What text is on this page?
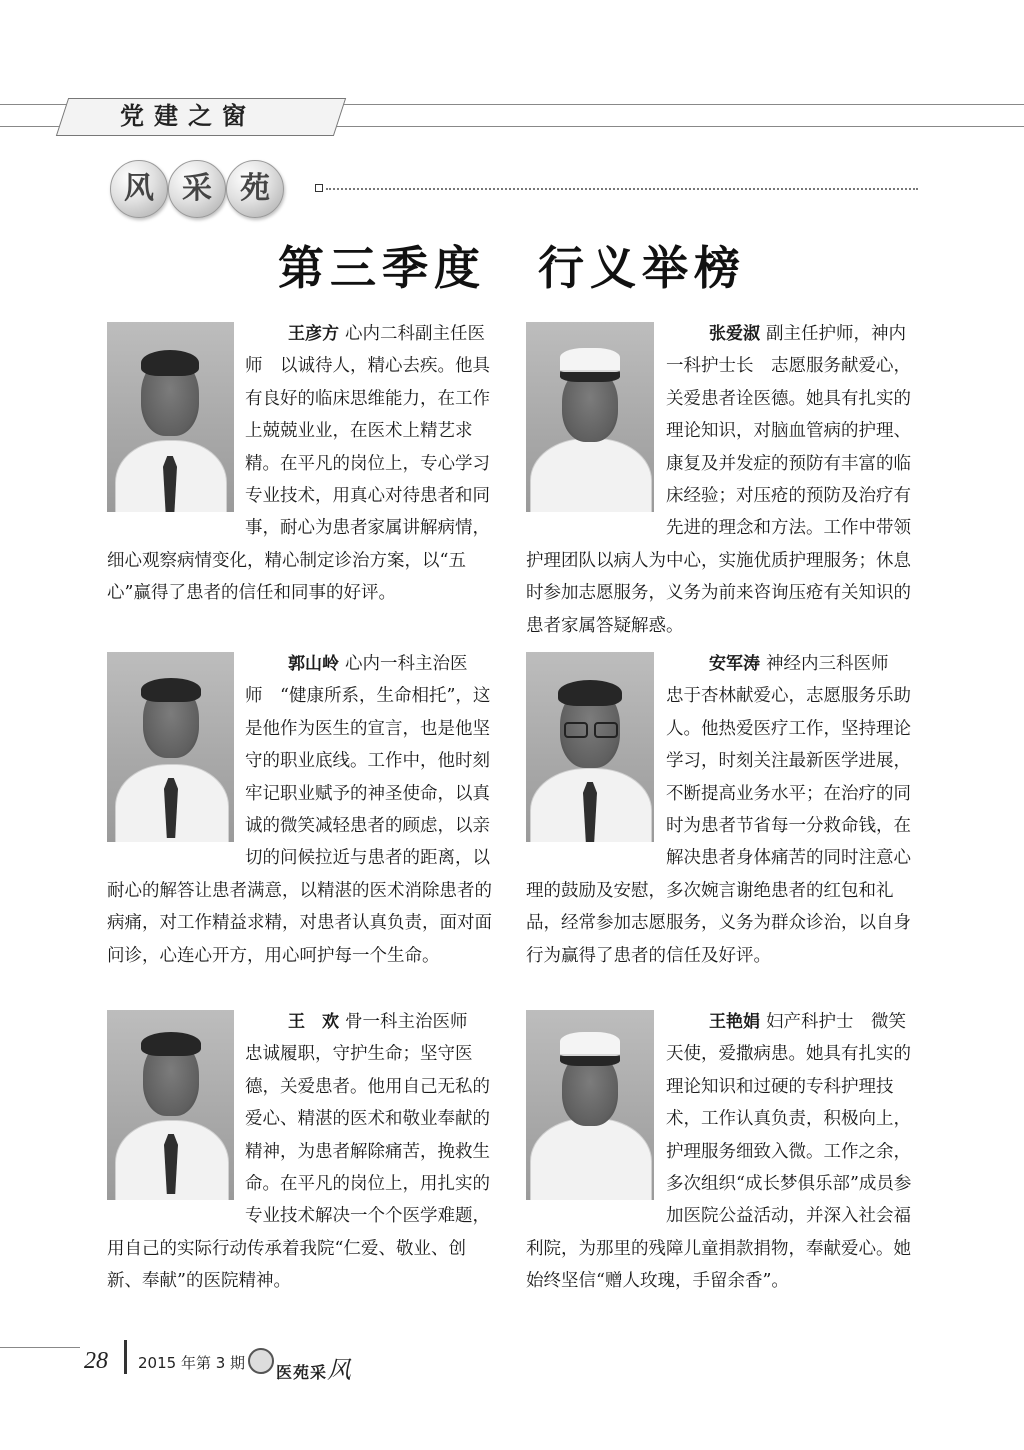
党建之窗
风 采 苑
第三季度　行义举榜

王彦方 心内二科副主任医师　以诚待人，精心去疾。他具有良好的临床思维能力，在工作上兢兢业业，在医术上精艺求精。在平凡的岗位上，专心学习专业技术，用真心对待患者和同事，耐心为患者家属讲解病情，细心观察病情变化，精心制定诊治方案，以“五心”赢得了患者的信任和同事的好评。

张爱淑 副主任护师，神内一科护士长　志愿服务献爱心，关爱患者诠医德。她具有扎实的理论知识，对脑血管病的护理、康复及并发症的预防有丰富的临床经验；对压疮的预防及治疗有先进的理念和方法。工作中带领护理团队以病人为中心，实施优质护理服务；休息时参加志愿服务，义务为前来咨询压疮有关知识的患者家属答疑解惑。

郭山岭 心内一科主治医师　“健康所系，生命相托”，这是他作为医生的宣言，也是他坚守的职业底线。工作中，他时刻牢记职业赋予的神圣使命，以真诚的微笑减轻患者的顾虑，以亲切的问候拉近与患者的距离，以耐心的解答让患者满意，以精湛的医术消除患者的病痛，对工作精益求精，对患者认真负责，面对面问诊，心连心开方，用心呵护每一个生命。

安军涛 神经内三科医师　忠于杏林献爱心，志愿服务乐助人。他热爱医疗工作，坚持理论学习，时刻关注最新医学进展，不断提高业务水平；在治疗的同时为患者节省每一分救命钱，在解决患者身体痛苦的同时注意心理的鼓励及安慰，多次婉言谢绝患者的红包和礼品，经常参加志愿服务，义务为群众诊治，以自身行为赢得了患者的信任及好评。

王　欢 骨一科主治医师　忠诚履职，守护生命；坚守医德，关爱患者。他用自己无私的爱心、精湛的医术和敬业奉献的精神，为患者解除痛苦，挽救生命。在平凡的岗位上，用扎实的专业技术解决一个个医学难题，用自己的实际行动传承着我院“仁爱、敬业、创新、奉献”的医院精神。

王艳娟 妇产科护士　微笑天使，爱撒病患。她具有扎实的理论知识和过硬的专科护理技术，工作认真负责，积极向上，护理服务细致入微。工作之余，多次组织“成长梦俱乐部”成员参加医院公益活动，并深入社会福利院，为那里的残障儿童捐款捐物，奉献爱心。她始终坚信“赠人玫瑰，手留余香”。

28 2015 年第 3 期 医苑采风
